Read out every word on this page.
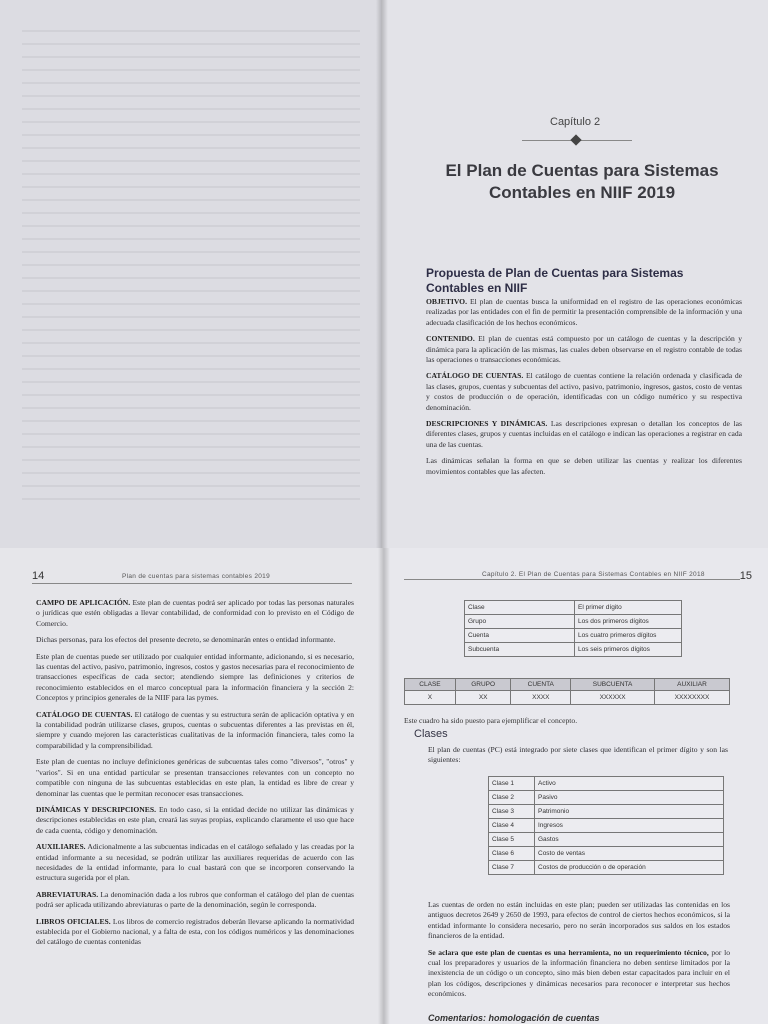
Capítulo 2
El Plan de Cuentas para Sistemas
Contables en NIIF 2019
Propuesta de Plan de Cuentas para Sistemas
Contables en NIIF

OBJETIVO. El plan de cuentas busca la uniformidad en el registro de las operaciones económicas realizadas por las entidades con el fin de permitir la presentación comprensible de la información y una adecuada clasificación de los hechos económicos.

CONTENIDO. El plan de cuentas está compuesto por un catálogo de cuentas y la descripción y dinámica para la aplicación de las mismas, las cuales deben observarse en el registro contable de todas las operaciones o transacciones económicas.

CATÁLOGO DE CUENTAS. El catálogo de cuentas contiene la relación ordenada y clasificada de las clases, grupos, cuentas y subcuentas del activo, pasivo, patrimonio, ingresos, gastos, costo de ventas y costos de producción o de operación, identificadas con un código numérico y su respectiva denominación.

DESCRIPCIONES Y DINÁMICAS. Las descripciones expresan o detallan los conceptos de las diferentes clases, grupos y cuentas incluidas en el catálogo e indican las operaciones a registrar en cada una de las cuentas.

Las dinámicas señalan la forma en que se deben utilizar las cuentas y realizar los diferentes movimientos contables que las afecten.

14	Plan de cuentas para sistemas contables 2019

CAMPO DE APLICACIÓN. Este plan de cuentas podrá ser aplicado por todas las personas naturales o jurídicas que estén obligadas a llevar contabilidad, de conformidad con lo previsto en el Código de Comercio.

Dichas personas, para los efectos del presente decreto, se denominarán entes o entidad informante.

Este plan de cuentas puede ser utilizado por cualquier entidad informante, adicionando, si es necesario, las cuentas del activo, pasivo, patrimonio, ingresos, costos y gastos necesarias para el reconocimiento de transacciones específicas de cada sector; atendiendo siempre las definiciones y criterios de reconocimiento establecidos en el marco conceptual para la información financiera y la sección 2: Conceptos y principios generales de la NIIF para las pymes.

CATÁLOGO DE CUENTAS. El catálogo de cuentas y su estructura serán de aplicación optativa y en la contabilidad podrán utilizarse clases, grupos, cuentas o subcuentas diferentes a las previstas en él, siempre y cuando mejoren las características cualitativas de la información financiera, tales como la comparabilidad y la comprensibilidad.

Este plan de cuentas no incluye definiciones genéricas de subcuentas tales como "diversos", "otros" y "varios". Si en una entidad particular se presentan transacciones relevantes con un concepto no compatible con ninguna de las subcuentas establecidas en este plan, la entidad es libre de crear y denominar las cuentas que le permitan reconocer esas transacciones.

DINÁMICAS Y DESCRIPCIONES. En todo caso, si la entidad decide no utilizar las dinámicas y descripciones establecidas en este plan, creará las suyas propias, explicando claramente el uso que hace de cada cuenta, código y denominación.

AUXILIARES. Adicionalmente a las subcuentas indicadas en el catálogo señalado y las creadas por la entidad informante a su necesidad, se podrán utilizar las auxiliares requeridas de acuerdo con las necesidades de la entidad informante, para lo cual bastará con que se incorporen conservando la estructura sugerida por el plan.

ABREVIATURAS. La denominación dada a los rubros que conforman el catálogo del plan de cuentas podrá ser aplicada utilizando abreviaturas o parte de la denominación, según le corresponda.

LIBROS OFICIALES. Los libros de comercio registrados deberán llevarse aplicando la normatividad establecida por el Gobierno nacional, y a falta de esta, con los códigos numéricos y las denominaciones del catálogo de cuentas contenidas

Capítulo 2. El Plan de Cuentas para Sistemas Contables en NIIF 2018	15
Clase	El primer dígito
Grupo	Los dos primeros dígitos
Cuenta	Los cuatro primeros dígitos
Subcuenta	Los seis primeros dígitos
CLASE	GRUPO	CUENTA	SUBCUENTA	AUXILIAR
X	XX	XXXX	XXXXXX	XXXXXXXX
Este cuadro ha sido puesto para ejemplificar el concepto.
Clases
El plan de cuentas (PC) está integrado por siete clases que identifican el primer dígito y son las siguientes:
Clase 1	Activo
Clase 2	Pasivo
Clase 3	Patrimonio
Clase 4	Ingresos
Clase 5	Gastos
Clase 6	Costo de ventas
Clase 7	Costos de producción o de operación

Las cuentas de orden no están incluidas en este plan; pueden ser utilizadas las contenidas en los antiguos decretos 2649 y 2650 de 1993, para efectos de control de ciertos hechos económicos, si la entidad informante lo considera necesario, pero no serán incorporados sus saldos en los estados financieros de la entidad.

Se aclara que este plan de cuentas es una herramienta, no un requerimiento técnico, por lo cual los preparadores y usuarios de la información financiera no deben sentirse limitados por la inexistencia de un código o un concepto, sino más bien deben estar capacitados para incluir en el plan los códigos, descripciones y dinámicas necesarios para reconocer e interpretar sus hechos económicos.

Comentarios: homologación de cuentas
